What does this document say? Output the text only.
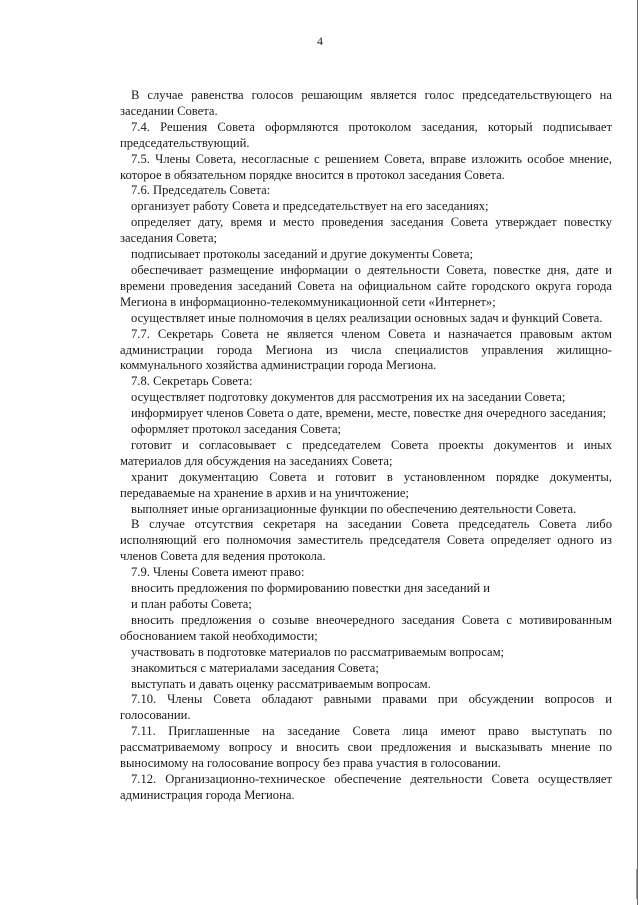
4

В случае равенства голосов решающим является голос председательствующего на заседании Совета.

7.4. Решения Совета оформляются протоколом заседания, который подписывает председательствующий.

7.5. Члены Совета, несогласные с решением Совета, вправе изложить особое мнение, которое в обязательном порядке вносится в протокол заседания Совета.

7.6. Председатель Совета:

организует работу Совета и председательствует на его заседаниях;

определяет дату, время и место проведения заседания Совета утверждает повестку заседания Совета;

подписывает протоколы заседаний и другие документы Совета;

обеспечивает размещение информации о деятельности Совета, повестке дня, дате и времени проведения заседаний Совета на официальном сайте городского округа города Мегиона в информационно-телекоммуникационной сети «Интернет»;

осуществляет иные полномочия в целях реализации основных задач и функций Совета.

7.7. Секретарь Совета не является членом Совета и назначается правовым актом администрации города Мегиона из числа специалистов управления жилищно-коммунального хозяйства администрации города Мегиона.

7.8. Секретарь Совета:

осуществляет подготовку документов для рассмотрения их на заседании Совета;

информирует членов Совета о дате, времени, месте, повестке дня очередного заседания;

оформляет протокол заседания Совета;

готовит и согласовывает с председателем Совета проекты документов и иных материалов для обсуждения на заседаниях Совета;

хранит документацию Совета и готовит в установленном порядке документы, передаваемые на хранение в архив и на уничтожение;

выполняет иные организационные функции по обеспечению деятельности Совета.

В случае отсутствия секретаря на заседании Совета председатель Совета либо исполняющий его полномочия заместитель председателя Совета определяет одного из членов Совета для ведения протокола.

7.9. Члены Совета имеют право:

вносить предложения по формированию повестки дня заседаний и

и план работы Совета;

вносить предложения о созыве внеочередного заседания Совета с мотивированным обоснованием такой необходимости;

участвовать в подготовке материалов по рассматриваемым вопросам;

знакомиться с материалами заседания Совета;

выступать и давать оценку рассматриваемым вопросам.

7.10. Члены Совета обладают равными правами при обсуждении вопросов и голосовании.

7.11. Приглашенные на заседание Совета лица имеют право выступать по рассматриваемому вопросу и вносить свои предложения и высказывать мнение по выносимому на голосование вопросу без права участия в голосовании.

7.12. Организационно-техническое обеспечение деятельности Совета осуществляет администрация города Мегиона.
